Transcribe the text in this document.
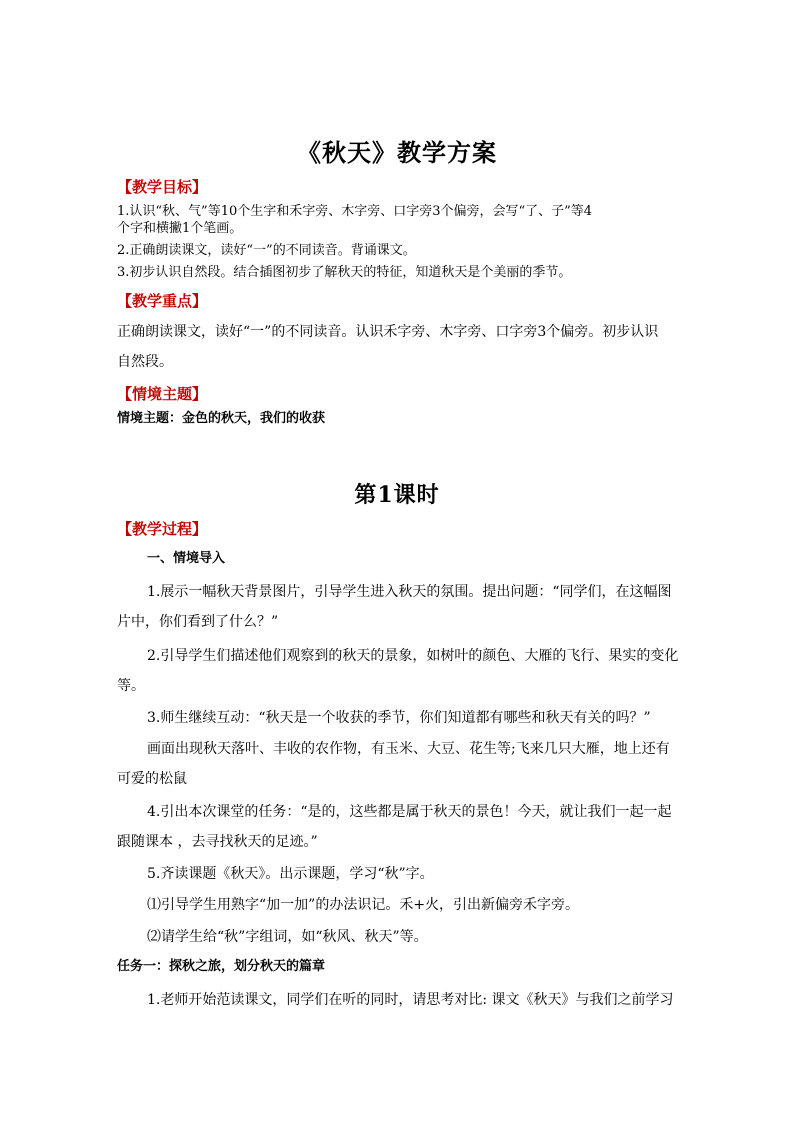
《秋天》教学方案
【教学目标】
1.认识“秋、气”等10个生字和禾字旁、木字旁、口字旁3个偏旁，会写“了、子”等4
个字和横撇1个笔画。
2.正确朗读课文，读好“一”的不同读音。背诵课文。
3.初步认识自然段。结合插图初步了解秋天的特征，知道秋天是个美丽的季节。
【教学重点】
正确朗读课文，读好“一”的不同读音。认识禾字旁、木字旁、口字旁3个偏旁。初步认识
自然段。
【情境主题】
情境主题：金色的秋天，我们的收获
第1课时
【教学过程】
一、情境导入
1.展示一幅秋天背景图片，引导学生进入秋天的氛围。提出问题：“同学们，在这幅图
片中，你们看到了什么？”
2.引导学生们描述他们观察到的秋天的景象，如树叶的颜色、大雁的飞行、果实的变化
等。
3.师生继续互动：“秋天是一个收获的季节，你们知道都有哪些和秋天有关的吗？”
画面出现秋天落叶、丰收的农作物，有玉米、大豆、花生等;飞来几只大雁，地上还有
可爱的松鼠
4.引出本次课堂的任务：“是的，这些都是属于秋天的景色！今天，就让我们一起一起
跟随课本 ，去寻找秋天的足迹。”
5.齐读课题《秋天》。出示课题，学习“秋”字。
⑴引导学生用熟字“加一加”的办法识记。禾+火，引出新偏旁禾字旁。
⑵请学生给“秋”字组词，如“秋风、秋天”等。
任务一：探秋之旅，划分秋天的篇章
1.老师开始范读课文，同学们在听的同时，请思考对比: 课文《秋天》与我们之前学习
